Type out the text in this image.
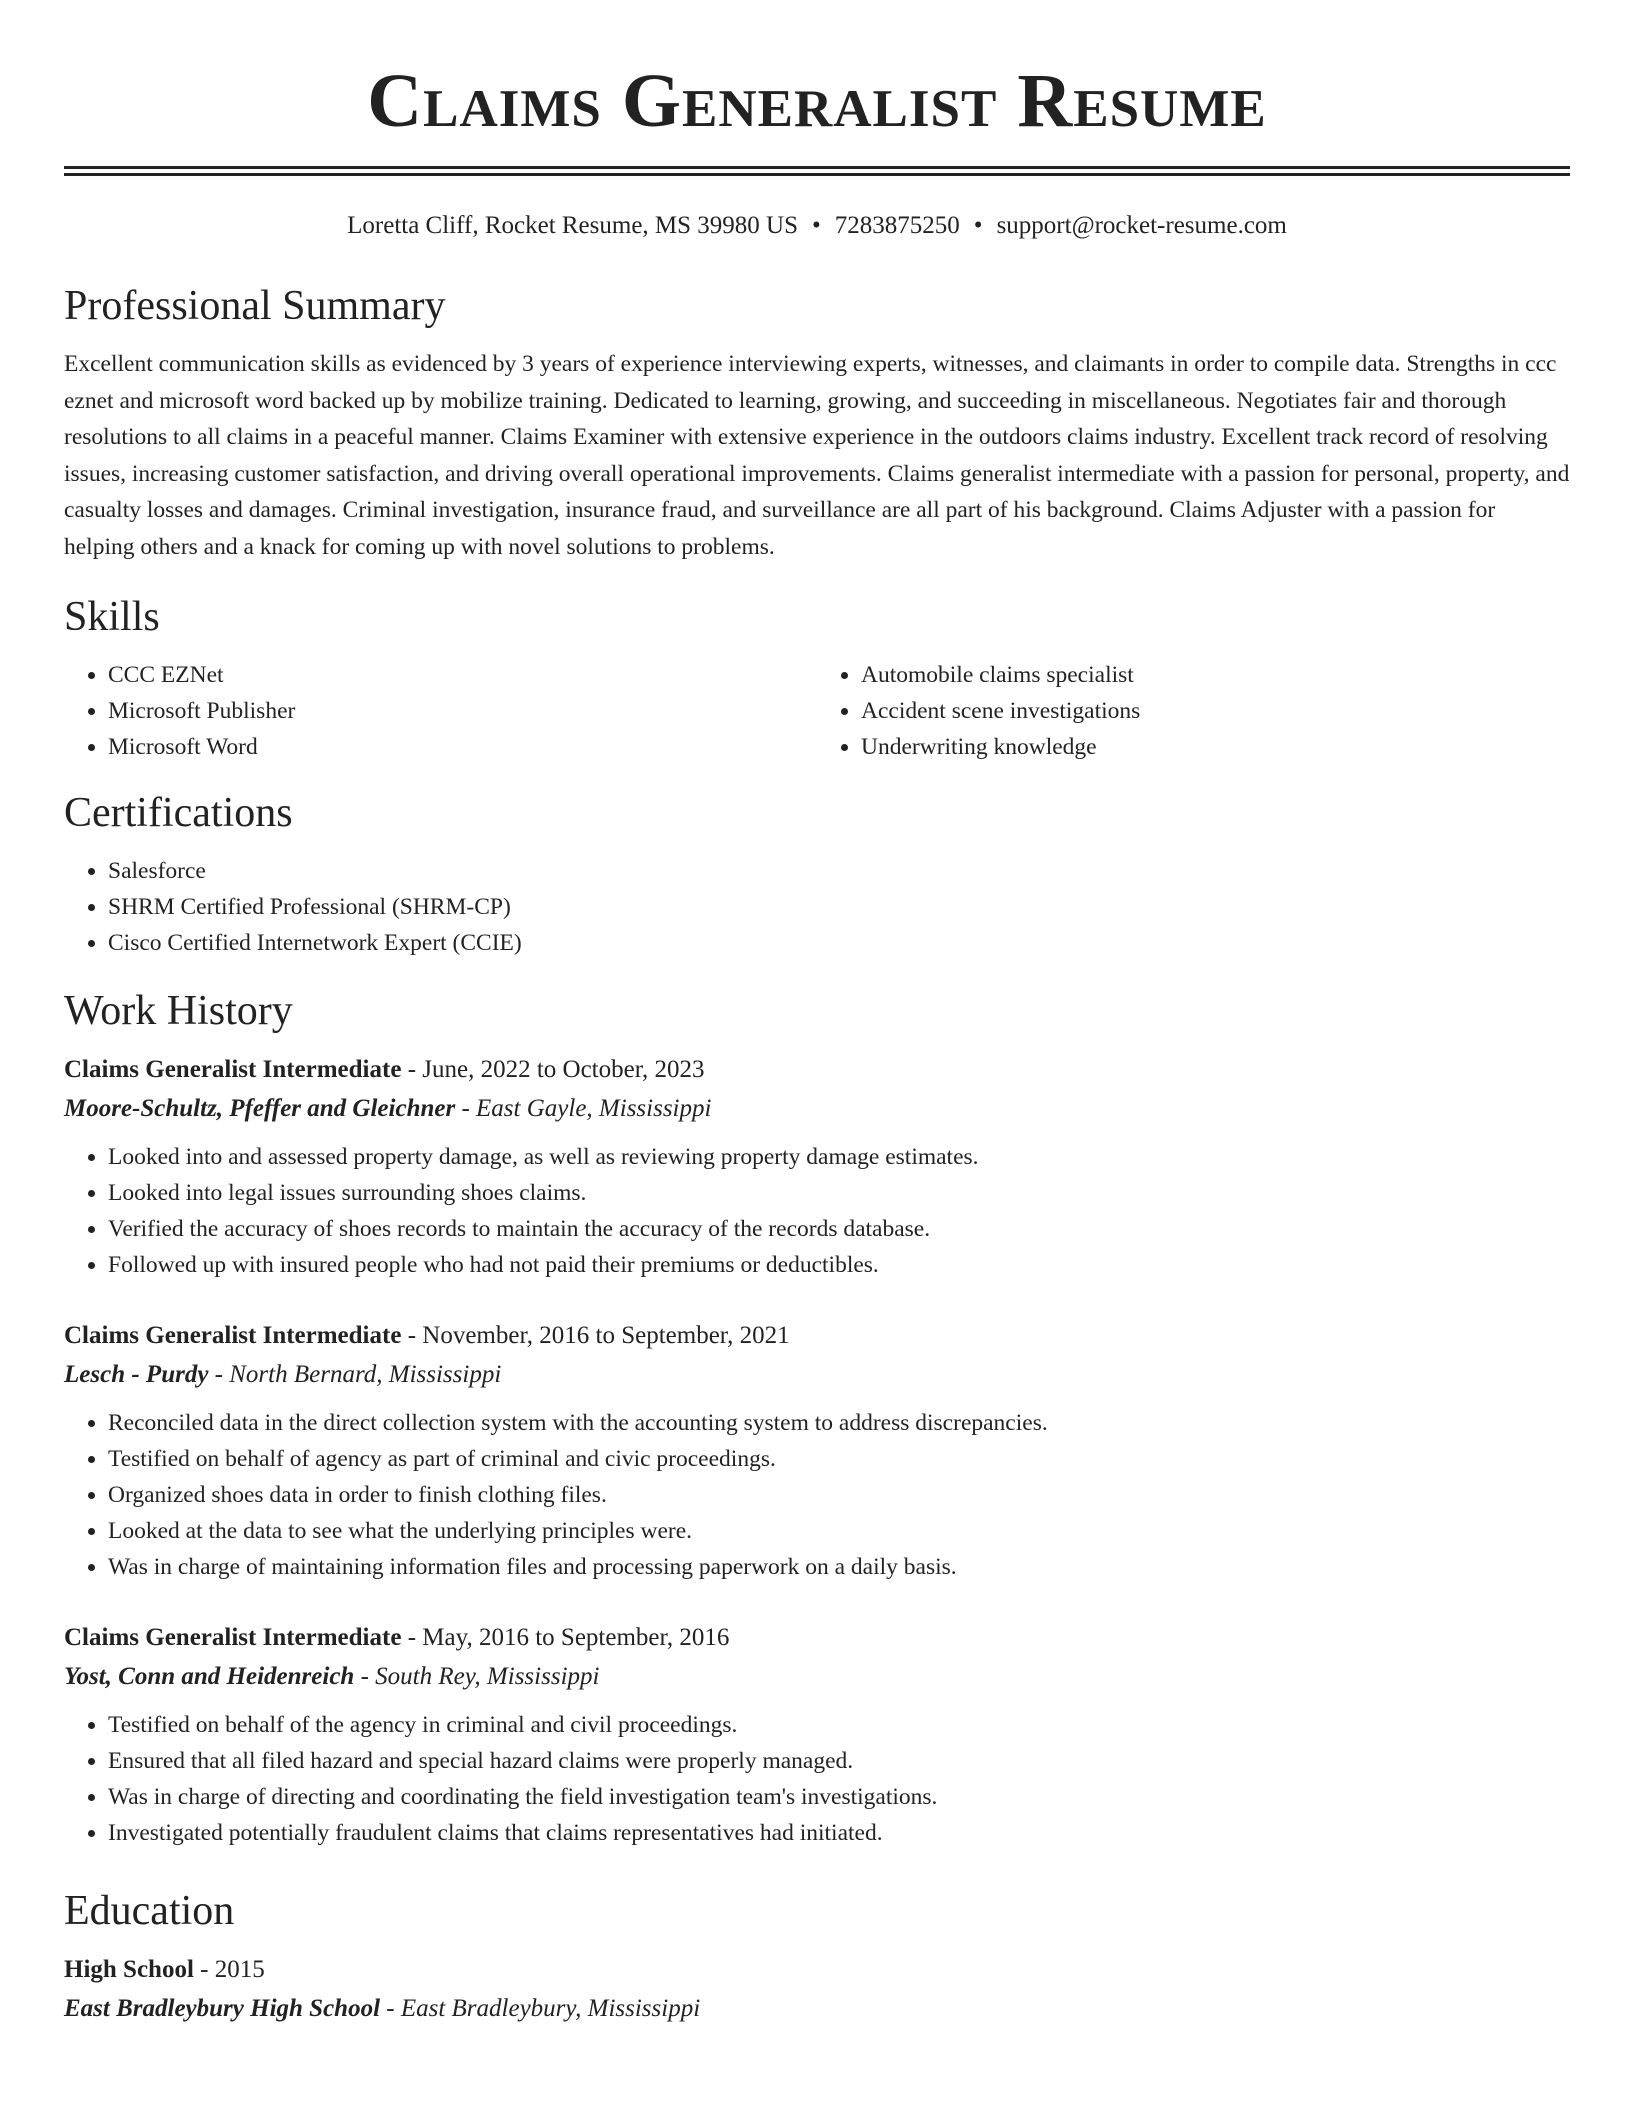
Claims Generalist Resume
Loretta Cliff, Rocket Resume, MS 39980 US • 7283875250 • support@rocket-resume.com
Professional Summary
Excellent communication skills as evidenced by 3 years of experience interviewing experts, witnesses, and claimants in order to compile data. Strengths in ccc eznet and microsoft word backed up by mobilize training. Dedicated to learning, growing, and succeeding in miscellaneous. Negotiates fair and thorough resolutions to all claims in a peaceful manner. Claims Examiner with extensive experience in the outdoors claims industry. Excellent track record of resolving issues, increasing customer satisfaction, and driving overall operational improvements. Claims generalist intermediate with a passion for personal, property, and casualty losses and damages. Criminal investigation, insurance fraud, and surveillance are all part of his background. Claims Adjuster with a passion for helping others and a knack for coming up with novel solutions to problems.
Skills
• CCC EZNet
• Microsoft Publisher
• Microsoft Word
• Automobile claims specialist
• Accident scene investigations
• Underwriting knowledge
Certifications
• Salesforce
• SHRM Certified Professional (SHRM-CP)
• Cisco Certified Internetwork Expert (CCIE)
Work History
Claims Generalist Intermediate - June, 2022 to October, 2023
Moore-Schultz, Pfeffer and Gleichner - East Gayle, Mississippi
• Looked into and assessed property damage, as well as reviewing property damage estimates.
• Looked into legal issues surrounding shoes claims.
• Verified the accuracy of shoes records to maintain the accuracy of the records database.
• Followed up with insured people who had not paid their premiums or deductibles.
Claims Generalist Intermediate - November, 2016 to September, 2021
Lesch - Purdy - North Bernard, Mississippi
• Reconciled data in the direct collection system with the accounting system to address discrepancies.
• Testified on behalf of agency as part of criminal and civic proceedings.
• Organized shoes data in order to finish clothing files.
• Looked at the data to see what the underlying principles were.
• Was in charge of maintaining information files and processing paperwork on a daily basis.
Claims Generalist Intermediate - May, 2016 to September, 2016
Yost, Conn and Heidenreich - South Rey, Mississippi
• Testified on behalf of the agency in criminal and civil proceedings.
• Ensured that all filed hazard and special hazard claims were properly managed.
• Was in charge of directing and coordinating the field investigation team's investigations.
• Investigated potentially fraudulent claims that claims representatives had initiated.
Education
High School - 2015
East Bradleybury High School - East Bradleybury, Mississippi
